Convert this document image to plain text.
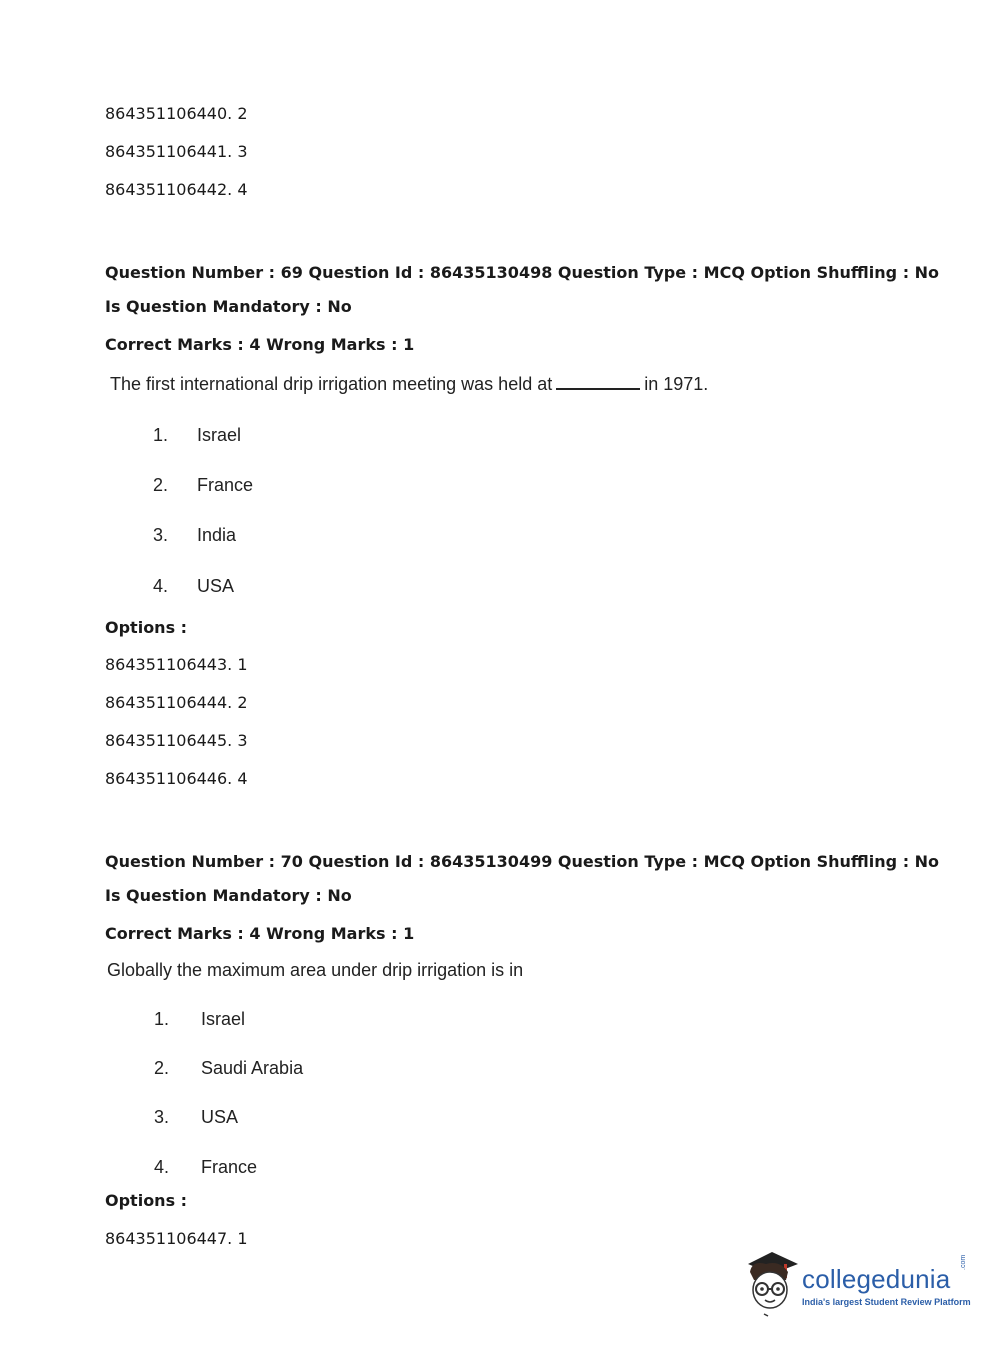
864351106440. 2
864351106441. 3
864351106442. 4
Question Number : 69 Question Id : 86435130498 Question Type : MCQ Option Shuffling : No
Is Question Mandatory : No
Correct Marks : 4 Wrong Marks : 1
The first international drip irrigation meeting was held at	in 1971.
1. Israel
2. France
3. India
4. USA
Options :
864351106443. 1
864351106444. 2
864351106445. 3
864351106446. 4
Question Number : 70 Question Id : 86435130499 Question Type : MCQ Option Shuffling : No
Is Question Mandatory : No
Correct Marks : 4 Wrong Marks : 1
Globally the maximum area under drip irrigation is in
1. Israel
2. Saudi Arabia
3. USA
4. France
Options :
864351106447. 1
collegedunia
.com
India's largest Student Review Platform
